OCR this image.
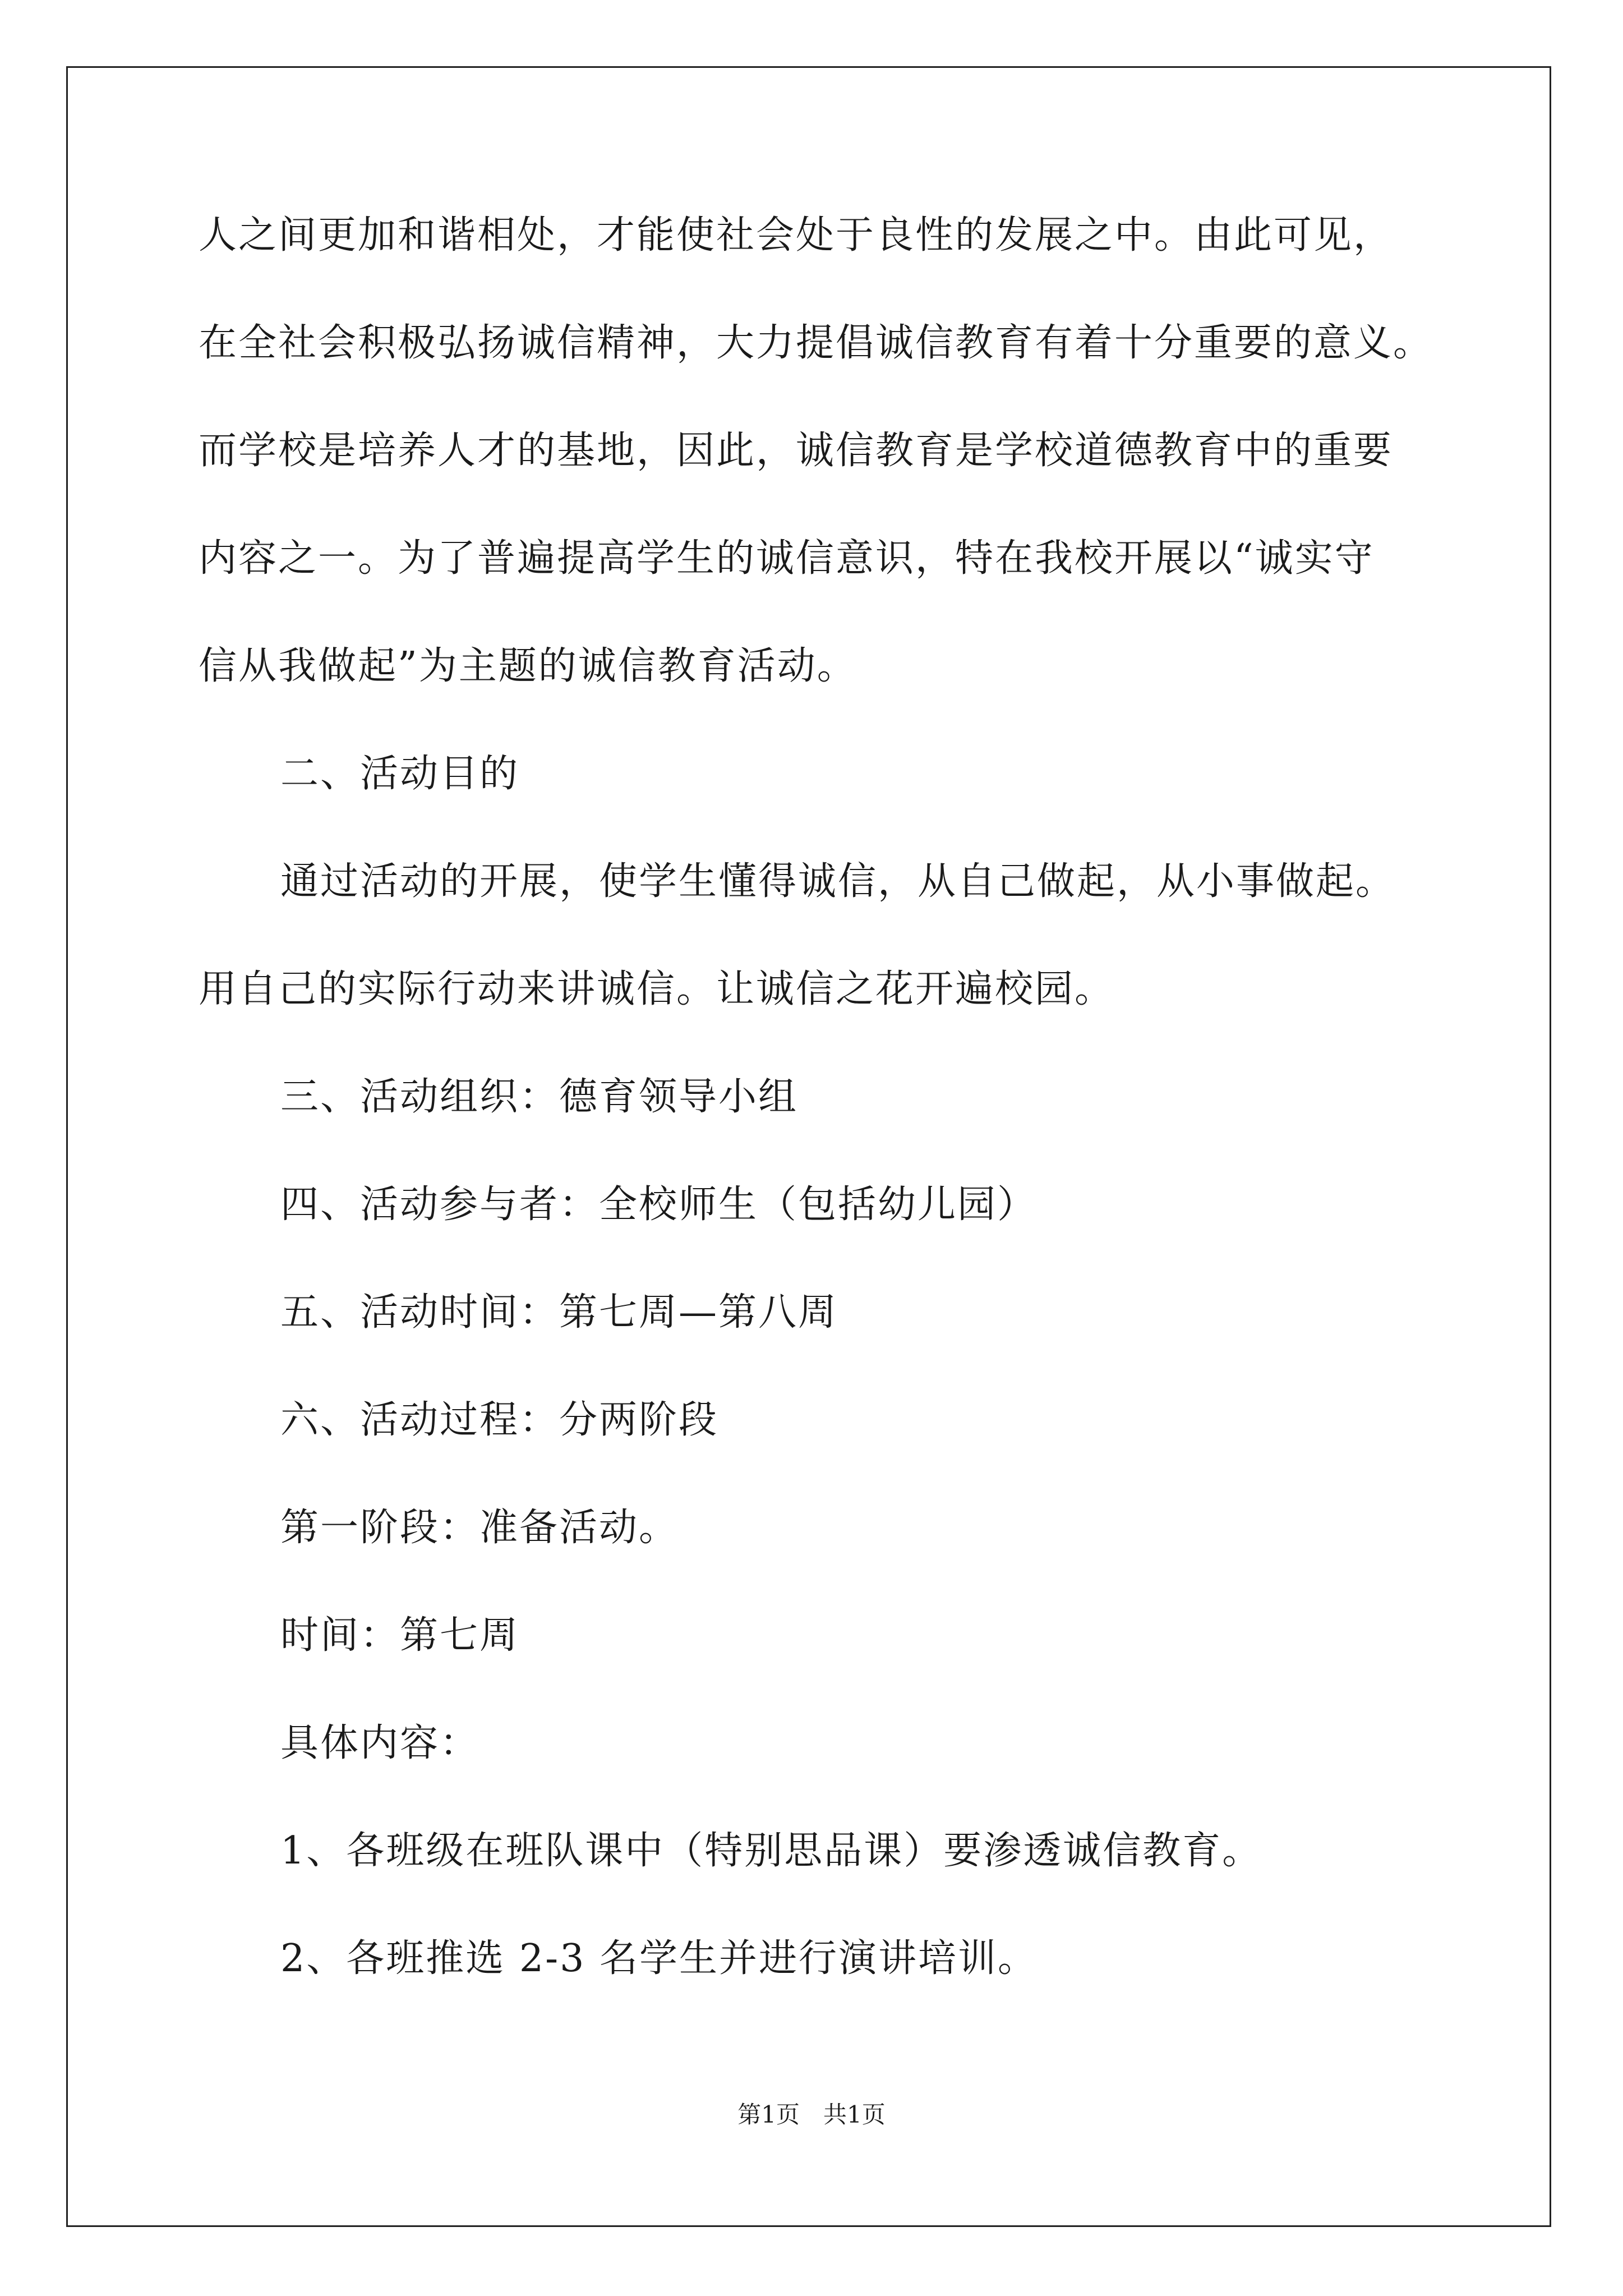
人之间更加和谐相处，才能使社会处于良性的发展之中。由此可见，
在全社会积极弘扬诚信精神，大力提倡诚信教育有着十分重要的意义。
而学校是培养人才的基地，因此，诚信教育是学校道德教育中的重要
内容之一。为了普遍提高学生的诚信意识，特在我校开展以“诚实守
信从我做起”为主题的诚信教育活动。
二、活动目的
通过活动的开展，使学生懂得诚信，从自己做起，从小事做起。
用自己的实际行动来讲诚信。让诚信之花开遍校园。
三、活动组织：德育领导小组
四、活动参与者：全校师生（包括幼儿园）
五、活动时间：第七周—第八周
六、活动过程：分两阶段
第一阶段：准备活动。
时间：第七周
具体内容：
1、各班级在班队课中（特别思品课）要渗透诚信教育。
2、各班推选 2-3 名学生并进行演讲培训。
第1页　共1页
